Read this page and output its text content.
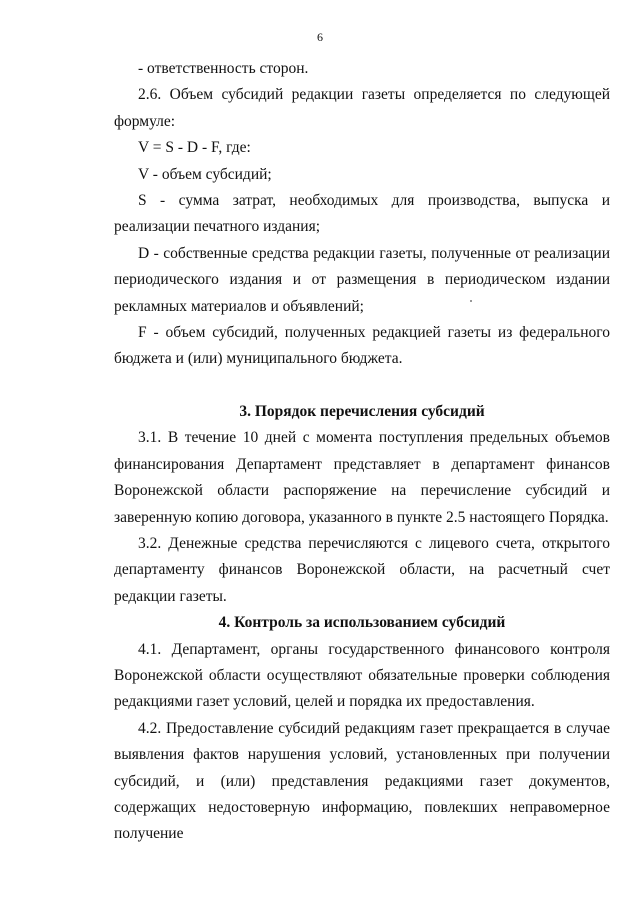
6

- ответственность сторон.

2.6. Объем субсидий редакции газеты определяется по следующей формуле:

V = S - D - F, где:

V - объем субсидий;

S - сумма затрат, необходимых для производства, выпуска и реализации печатного издания;

D - собственные средства редакции газеты, полученные от реализации периодического издания и от размещения в периодическом издании рекламных материалов и объявлений;

F - объем субсидий, полученных редакцией газеты из федерального бюджета и (или) муниципального бюджета.

3. Порядок перечисления субсидий

3.1. В течение 10 дней с момента поступления предельных объемов финансирования Департамент представляет в департамент финансов Воронежской области распоряжение на перечисление субсидий и заверенную копию договора, указанного в пункте 2.5 настоящего Порядка.

3.2. Денежные средства перечисляются с лицевого счета, открытого департаменту финансов Воронежской области, на расчетный счет редакции газеты.

4. Контроль за использованием субсидий

4.1. Департамент, органы государственного финансового контроля Воронежской области осуществляют обязательные проверки соблюдения редакциями газет условий, целей и порядка их предоставления.

4.2. Предоставление субсидий редакциям газет прекращается в случае выявления фактов нарушения условий, установленных при получении субсидий, и (или) представления редакциями газет документов, содержащих недостоверную информацию, повлекших неправомерное получение
